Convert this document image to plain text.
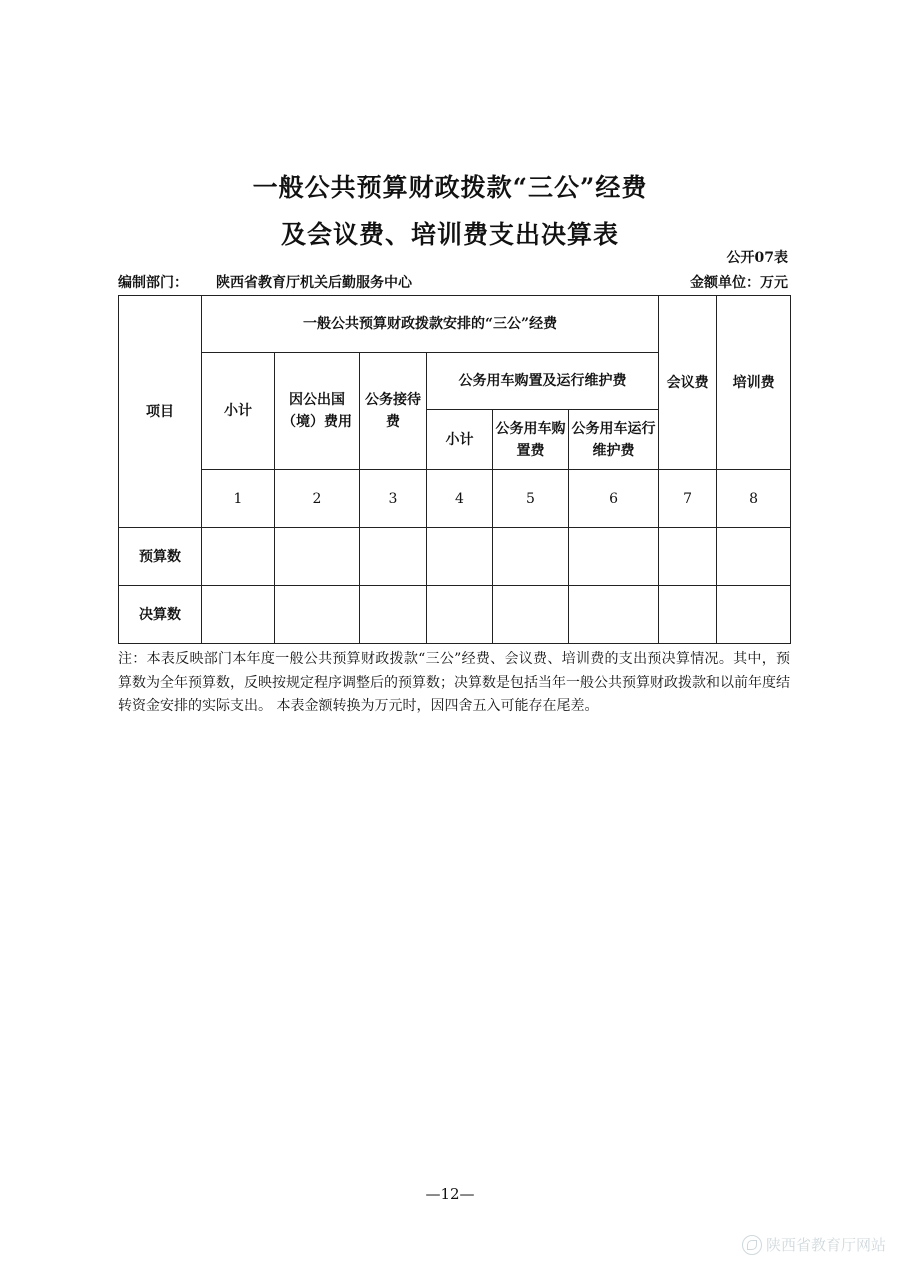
一般公共预算财政拨款“三公”经费
及会议费、培训费支出决算表
公开07表
编制部门： 陕西省教育厅机关后勤服务中心	金额单位：万元
项目	一般公共预算财政拨款安排的“三公”经费						会议费	培训费
	小计	因公出国（境）费用	公务接待费	公务用车购置及运行维护费				
				小计	公务用车购置费	公务用车运行维护费		
	1	2	3	4	5	6	7	8
预算数								
决算数								
注：本表反映部门本年度一般公共预算财政拨款“三公”经费、会议费、培训费的支出预决算情况。其中，预算数为全年预算数，反映按规定程序调整后的预算数；决算数是包括当年一般公共预算财政拨款和以前年度结转资金安排的实际支出。 本表金额转换为万元时，因四舍五入可能存在尾差。
—12—
陕西省教育厅网站
